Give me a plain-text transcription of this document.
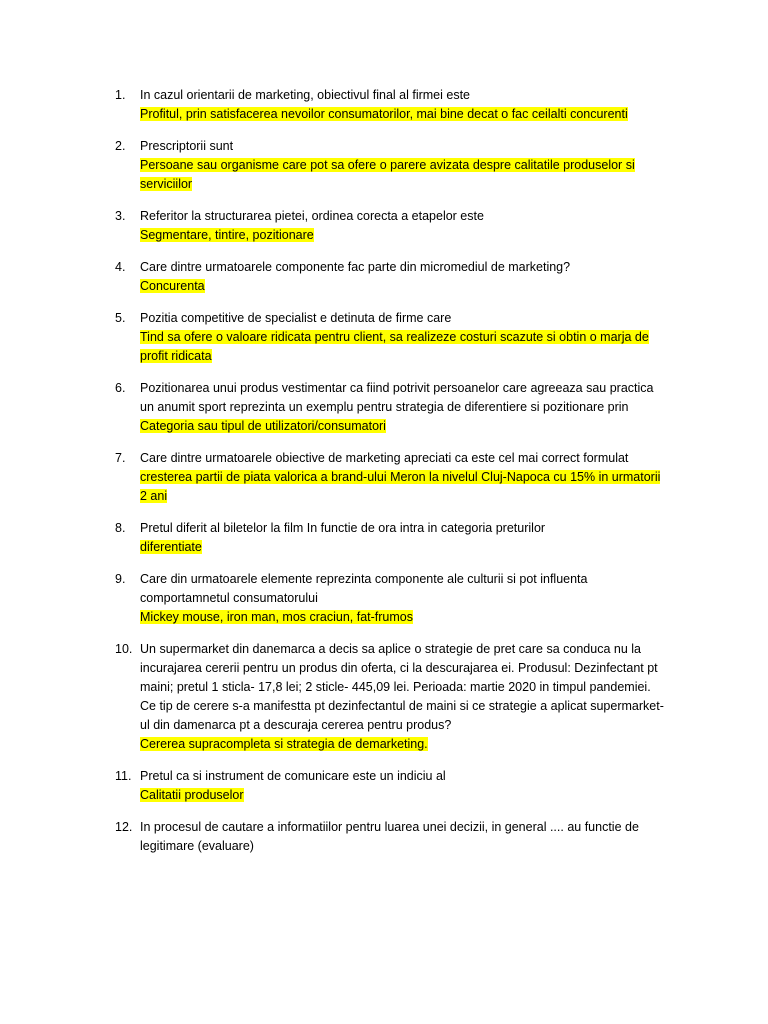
1.	In cazul orientarii de marketing, obiectivul final al firmei este
Profitul, prin satisfacerea nevoilor consumatorilor, mai bine decat o fac ceilalti concurenti
2.	Prescriptorii sunt
Persoane sau organisme care pot sa ofere o parere avizata despre calitatile produselor si serviciilor
3.	Referitor la structurarea pietei, ordinea corecta a etapelor este
Segmentare, tintire, pozitionare
4.	Care dintre urmatoarele componente fac parte din micromediul de marketing?
Concurenta
5.	Pozitia competitive de specialist e detinuta de firme care
Tind sa ofere o valoare ridicata pentru client, sa realizeze costuri scazute si obtin o marja de profit ridicata
6.	Pozitionarea unui produs vestimentar ca fiind potrivit persoanelor care agreeaza sau practica un anumit sport reprezinta un exemplu pentru strategia de diferentiere si pozitionare prin
Categoria sau tipul de utilizatori/consumatori
7.	Care dintre urmatoarele obiective de marketing apreciati ca este cel mai correct formulat
cresterea partii de piata valorica a brand-ului Meron la nivelul Cluj-Napoca cu 15% in urmatorii 2 ani
8.	Pretul diferit al biletelor la film In functie de ora intra in categoria preturilor
diferentiate
9.	Care din urmatoarele elemente reprezinta componente ale culturii si pot influenta comportamnetul consumatorului
Mickey mouse, iron man, mos craciun, fat-frumos
10. Un supermarket din danemarca a decis sa aplice o strategie de pret care sa conduca nu la incurajarea cererii pentru un produs din oferta, ci la descurajarea ei. Produsul: Dezinfectant pt maini; pretul 1 sticla- 17,8 lei; 2 sticle- 445,09 lei. Perioada: martie 2020 in timpul pandemiei.
Ce tip de cerere s-a manifestta pt dezinfectantul de maini si ce strategie a aplicat supermarket-ul din damenarca pt a descuraja cererea pentru produs?
Cererea supracompleta si strategia de demarketing.
11. Pretul ca si instrument de comunicare este un indiciu al
Calitatii produselor
12. In procesul de cautare a informatiilor pentru luarea unei decizii, in general .... au functie de legitimare (evaluare)
